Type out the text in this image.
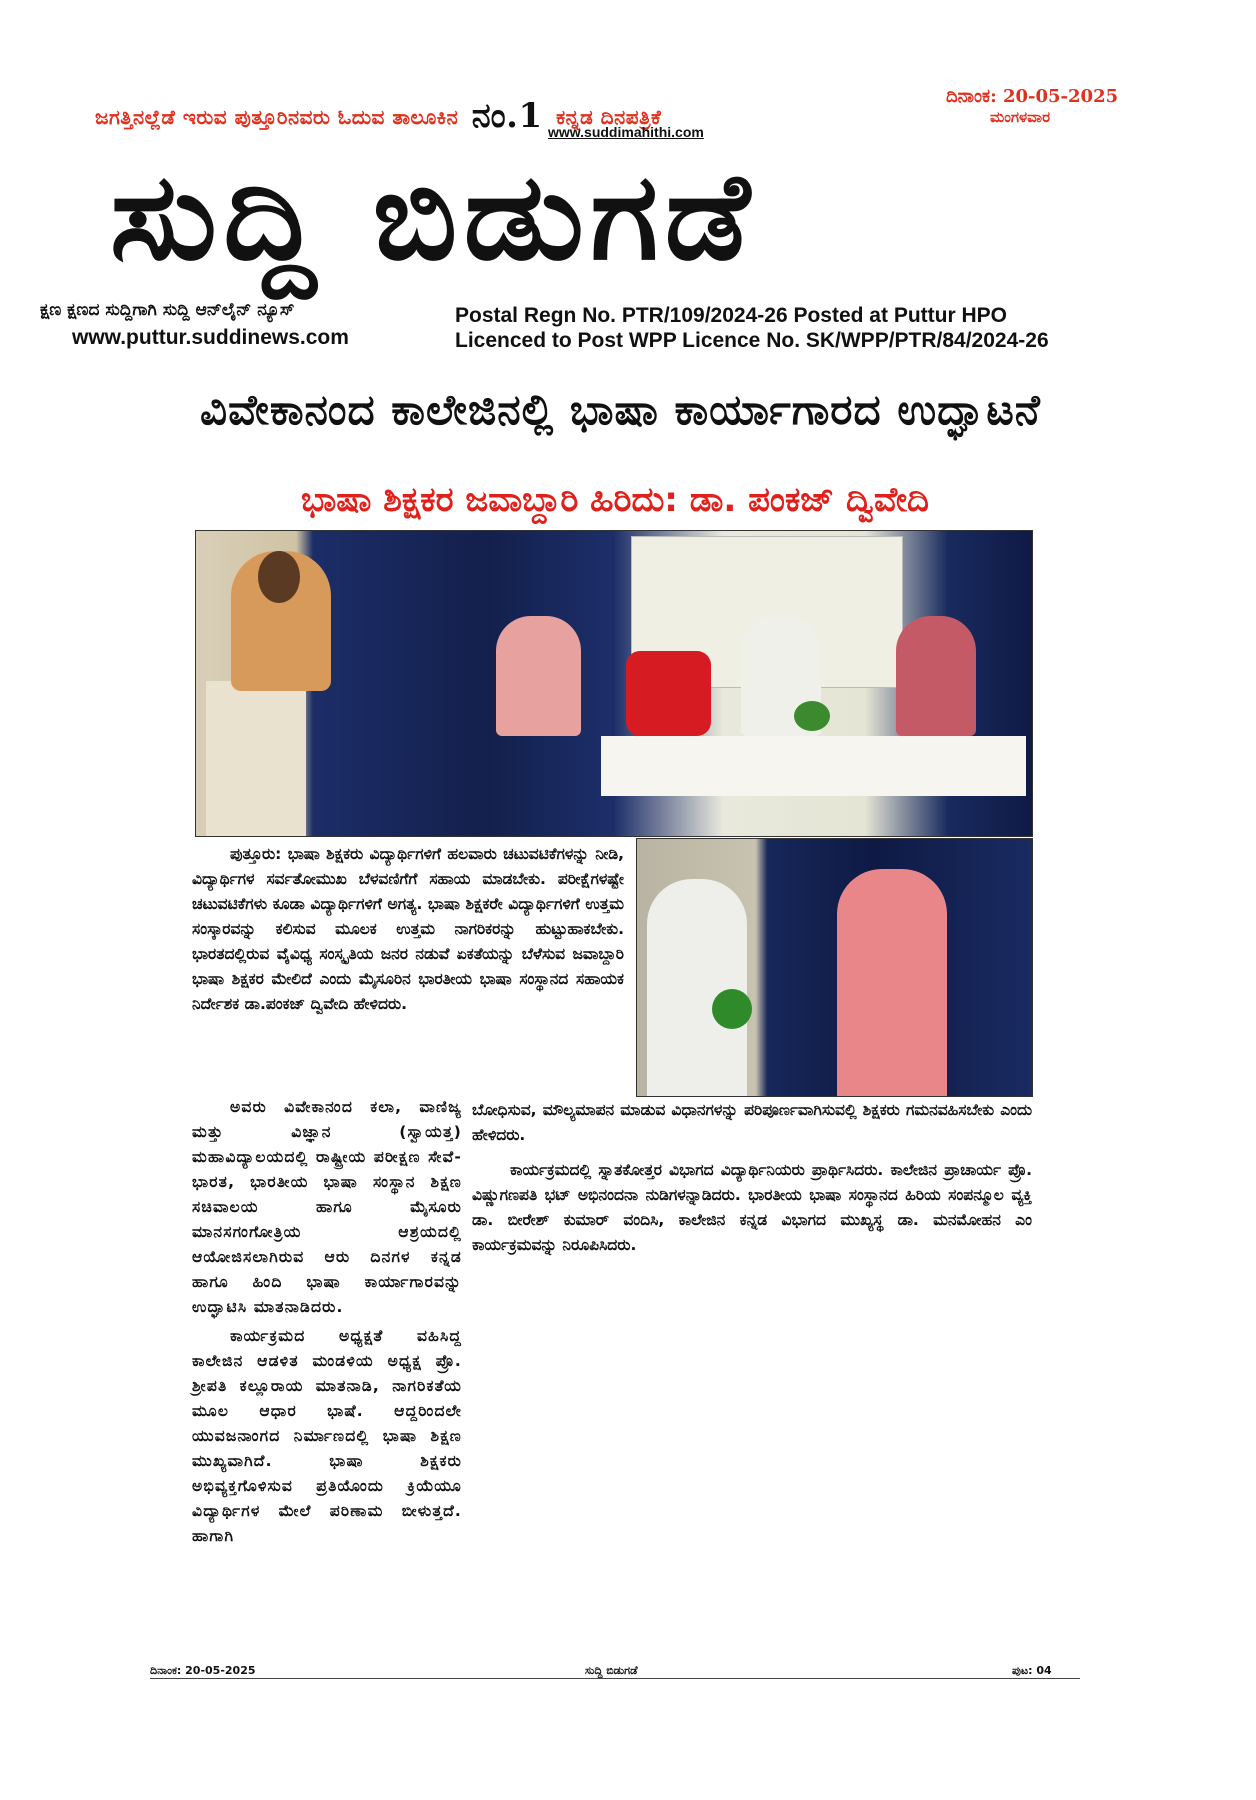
ಜಗತ್ತಿನಲ್ಲೆಡೆ ಇರುವ ಪುತ್ತೂರಿನವರು ಓದುವ ತಾಲೂಕಿನ ನಂ.1 ಕನ್ನಡ ದಿನಪತ್ರಿಕೆ
www.suddimahithi.com
ದಿನಾಂಕ: 20-05-2025
ಮಂಗಳವಾರ
ಸುದ್ದಿ ಬಿಡುಗಡೆ
ಕ್ಷಣ ಕ್ಷಣದ ಸುದ್ದಿಗಾಗಿ ಸುದ್ದಿ ಆನ್‌ಲೈನ್ ನ್ಯೂಸ್
www.puttur.suddinews.com
Postal Regn No. PTR/109/2024-26 Posted at Puttur HPO
Licenced to Post WPP Licence No. SK/WPP/PTR/84/2024-26
ವಿವೇಕಾನಂದ ಕಾಲೇಜಿನಲ್ಲಿ ಭಾಷಾ ಕಾರ್ಯಾಗಾರದ ಉದ್ಘಾಟನೆ
ಭಾಷಾ ಶಿಕ್ಷಕರ ಜವಾಬ್ದಾರಿ ಹಿರಿದು: ಡಾ. ಪಂಕಜ್ ದ್ವಿವೇದಿ
ಪುತ್ತೂರು: ಭಾಷಾ ಶಿಕ್ಷಕರು ವಿದ್ಯಾರ್ಥಿಗಳಿಗೆ ಹಲವಾರು ಚಟುವಟಿಕೆಗಳನ್ನು ನೀಡಿ, ವಿದ್ಯಾರ್ಥಿಗಳ ಸರ್ವತೋಮುಖ ಬೆಳವಣಿಗೆಗೆ ಸಹಾಯ ಮಾಡಬೇಕು. ಪರೀಕ್ಷೆಗಳಷ್ಟೇ ಚಟುವಟಿಕೆಗಳು ಕೂಡಾ ವಿದ್ಯಾರ್ಥಿಗಳಿಗೆ ಅಗತ್ಯ. ಭಾಷಾ ಶಿಕ್ಷಕರೇ ವಿದ್ಯಾರ್ಥಿಗಳಿಗೆ ಉತ್ತಮ ಸಂಸ್ಕಾರವನ್ನು ಕಲಿಸುವ ಮೂಲಕ ಉತ್ತಮ ನಾಗರಿಕರನ್ನು ಹುಟ್ಟುಹಾಕಬೇಕು. ಭಾರತದಲ್ಲಿರುವ ವೈವಿಧ್ಯ ಸಂಸ್ಕೃತಿಯ ಜನರ ನಡುವೆ ಏಕತೆಯನ್ನು ಬೆಳೆಸುವ ಜವಾಬ್ದಾರಿ ಭಾಷಾ ಶಿಕ್ಷಕರ ಮೇಲಿದೆ ಎಂದು ಮೈಸೂರಿನ ಭಾರತೀಯ ಭಾಷಾ ಸಂಸ್ಥಾನದ ಸಹಾಯಕ ನಿರ್ದೇಶಕ ಡಾ.ಪಂಕಜ್ ದ್ವಿವೇದಿ ಹೇಳಿದರು.

ಅವರು ವಿವೇಕಾನಂದ ಕಲಾ, ವಾಣಿಜ್ಯ ಮತ್ತು ವಿಜ್ಞಾನ (ಸ್ವಾಯತ್ತ) ಮಹಾವಿದ್ಯಾಲಯದಲ್ಲಿ ರಾಷ್ಟ್ರೀಯ ಪರೀಕ್ಷಣ ಸೇವೆ-ಭಾರತ, ಭಾರತೀಯ ಭಾಷಾ ಸಂಸ್ಥಾನ ಶಿಕ್ಷಣ ಸಚಿವಾಲಯ ಹಾಗೂ ಮೈಸೂರು ಮಾನಸಗಂಗೋತ್ರಿಯ ಆಶ್ರಯದಲ್ಲಿ ಆಯೋಜಿಸಲಾಗಿರುವ ಆರು ದಿನಗಳ ಕನ್ನಡ ಹಾಗೂ ಹಿಂದಿ ಭಾಷಾ ಕಾರ್ಯಾಗಾರವನ್ನು ಉದ್ಘಾಟಿಸಿ ಮಾತನಾಡಿದರು.

ಕಾರ್ಯಕ್ರಮದ ಅಧ್ಯಕ್ಷತೆ ವಹಿಸಿದ್ದ ಕಾಲೇಜಿನ ಆಡಳಿತ ಮಂಡಳಿಯ ಅಧ್ಯಕ್ಷ ಪ್ರೊ. ಶ್ರೀಪತಿ ಕಲ್ಲೂರಾಯ ಮಾತನಾಡಿ, ನಾಗರಿಕತೆಯ ಮೂಲ ಆಧಾರ ಭಾಷೆ. ಆದ್ದರಿಂದಲೇ ಯುವಜನಾಂಗದ ನಿರ್ಮಾಣದಲ್ಲಿ ಭಾಷಾ ಶಿಕ್ಷಣ ಮುಖ್ಯವಾಗಿದೆ. ಭಾಷಾ ಶಿಕ್ಷಕರು ಅಭಿವ್ಯಕ್ತಗೊಳಿಸುವ ಪ್ರತಿಯೊಂದು ಕ್ರಿಯೆಯೂ ವಿದ್ಯಾರ್ಥಿಗಳ ಮೇಲೆ ಪರಿಣಾಮ ಬೀಳುತ್ತದೆ. ಹಾಗಾಗಿ

ಬೋಧಿಸುವ, ಮೌಲ್ಯಮಾಪನ ಮಾಡುವ ವಿಧಾನಗಳನ್ನು ಪರಿಪೂರ್ಣವಾಗಿಸುವಲ್ಲಿ ಶಿಕ್ಷಕರು ಗಮನವಹಿಸಬೇಕು ಎಂದು ಹೇಳಿದರು.

ಕಾರ್ಯಕ್ರಮದಲ್ಲಿ ಸ್ನಾತಕೋತ್ತರ ವಿಭಾಗದ ವಿದ್ಯಾರ್ಥಿನಿಯರು ಪ್ರಾರ್ಥಿಸಿದರು. ಕಾಲೇಜಿನ ಪ್ರಾಚಾರ್ಯ ಪ್ರೊ. ವಿಷ್ಣುಗಣಪತಿ ಭಟ್ ಅಭಿನಂದನಾ ನುಡಿಗಳನ್ನಾಡಿದರು. ಭಾರತೀಯ ಭಾಷಾ ಸಂಸ್ಥಾನದ ಹಿರಿಯ ಸಂಪನ್ಮೂಲ ವ್ಯಕ್ತಿ ಡಾ. ಬೀರೇಶ್ ಕುಮಾರ್ ವಂದಿಸಿ, ಕಾಲೇಜಿನ ಕನ್ನಡ ವಿಭಾಗದ ಮುಖ್ಯಸ್ಥ ಡಾ. ಮನಮೋಹನ ಎಂ ಕಾರ್ಯಕ್ರಮವನ್ನು ನಿರೂಪಿಸಿದರು.

ದಿನಾಂಕ: 20-05-2025	ಸುದ್ದಿ ಬಿಡುಗಡೆ	ಪುಟ: 04
